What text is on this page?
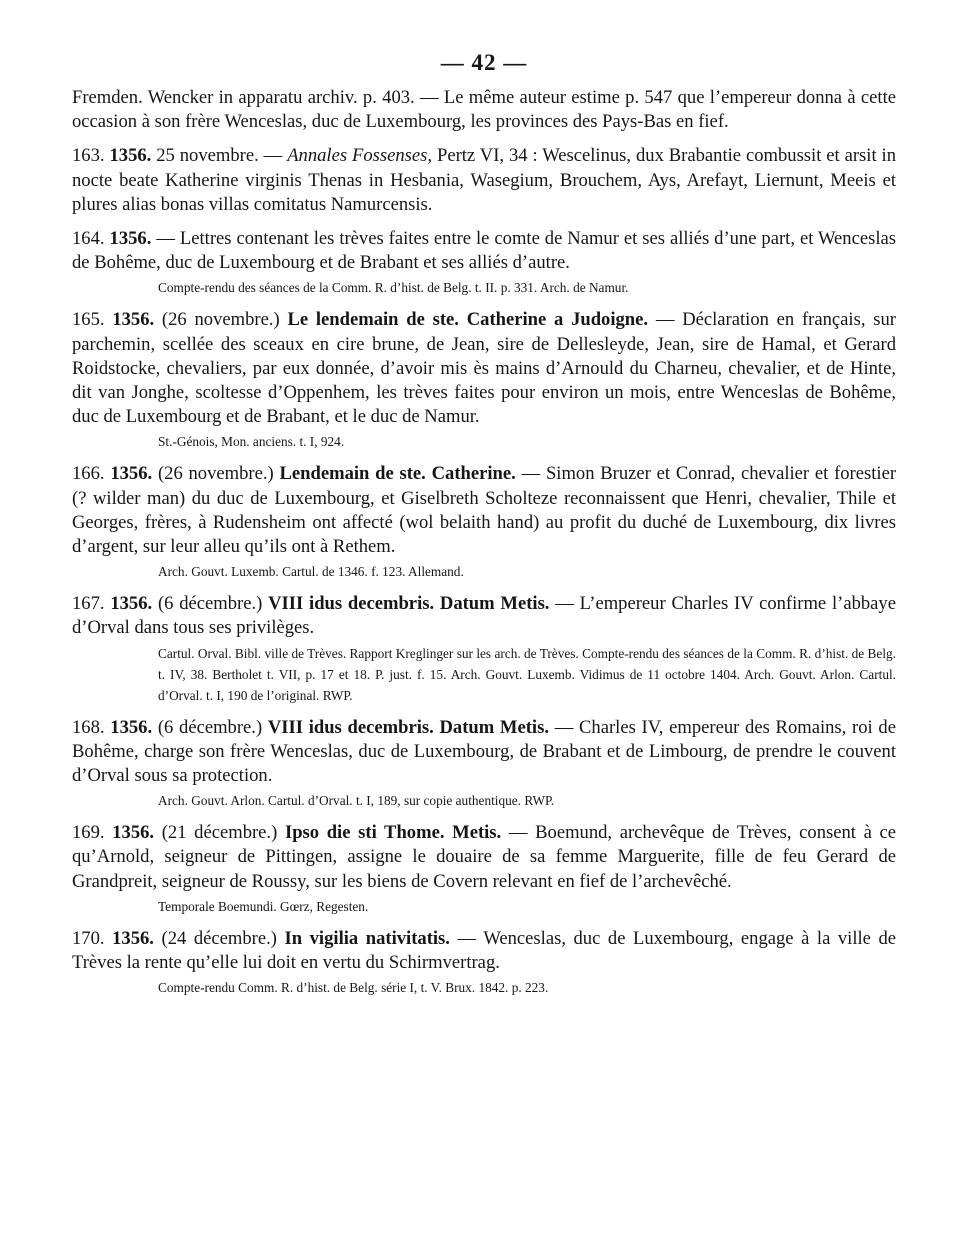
— 42 —

Fremden. Wencker in apparatu archiv. p. 403. — Le même auteur estime p. 547 que l’empereur donna à cette occasion à son frère Wenceslas, duc de Luxembourg, les provinces des Pays-Bas en fief.

163. 1356. 25 novembre. — Annales Fossenses, Pertz VI, 34 : Wescelinus, dux Brabantie combussit et arsit in nocte beate Katherine virginis Thenas in Hesbania, Wasegium, Brouchem, Ays, Arefayt, Liernunt, Meeis et plures alias bonas villas comitatus Namurcensis.

164. 1356. — Lettres contenant les trèves faites entre le comte de Namur et ses alliés d’une part, et Wenceslas de Bohême, duc de Luxembourg et de Brabant et ses alliés d’autre.

Compte-rendu des séances de la Comm. R. d’hist. de Belg. t. II. p. 331. Arch. de Namur.

165. 1356. (26 novembre.) Le lendemain de ste. Catherine a Judoigne. — Déclaration en français, sur parchemin, scellée des sceaux en cire brune, de Jean, sire de Dellesleyde, Jean, sire de Hamal, et Gerard Roidstocke, chevaliers, par eux donnée, d’avoir mis ès mains d’Arnould du Charneu, chevalier, et de Hinte, dit van Jonghe, scoltesse d’Oppenhem, les trèves faites pour environ un mois, entre Wenceslas de Bohême, duc de Luxembourg et de Brabant, et le duc de Namur.

St.-Génois, Mon. anciens. t. I, 924.

166. 1356. (26 novembre.) Lendemain de ste. Catherine. — Simon Bruzer et Conrad, chevalier et forestier (? wilder man) du duc de Luxembourg, et Giselbreth Scholteze reconnaissent que Henri, chevalier, Thile et Georges, frères, à Rudensheim ont affecté (wol belaith hand) au profit du duché de Luxembourg, dix livres d’argent, sur leur alleu qu’ils ont à Rethem.

Arch. Gouvt. Luxemb. Cartul. de 1346. f. 123. Allemand.

167. 1356. (6 décembre.) VIII idus decembris. Datum Metis. — L’empereur Charles IV confirme l’abbaye d’Orval dans tous ses privilèges.

Cartul. Orval. Bibl. ville de Trèves. Rapport Kreglinger sur les arch. de Trèves. Compte-rendu des séances de la Comm. R. d’hist. de Belg. t. IV, 38. Bertholet t. VII, p. 17 et 18. P. just. f. 15. Arch. Gouvt. Luxemb. Vidimus de 11 octobre 1404. Arch. Gouvt. Arlon. Cartul. d’Orval. t. I, 190 de l’original. RWP.

168. 1356. (6 décembre.) VIII idus decembris. Datum Metis. — Charles IV, empereur des Romains, roi de Bohême, charge son frère Wenceslas, duc de Luxembourg, de Brabant et de Limbourg, de prendre le couvent d’Orval sous sa protection.

Arch. Gouvt. Arlon. Cartul. d’Orval. t. I, 189, sur copie authentique. RWP.

169. 1356. (21 décembre.) Ipso die sti Thome. Metis. — Boemund, archevêque de Trèves, consent à ce qu’Arnold, seigneur de Pittingen, assigne le douaire de sa femme Marguerite, fille de feu Gerard de Grandpreit, seigneur de Roussy, sur les biens de Covern relevant en fief de l’archevêché.

Temporale Boemundi. Gœrz, Regesten.

170. 1356. (24 décembre.) In vigilia nativitatis. — Wenceslas, duc de Luxembourg, engage à la ville de Trèves la rente qu’elle lui doit en vertu du Schirmvertrag.

Compte-rendu Comm. R. d’hist. de Belg. série I, t. V. Brux. 1842. p. 223.
